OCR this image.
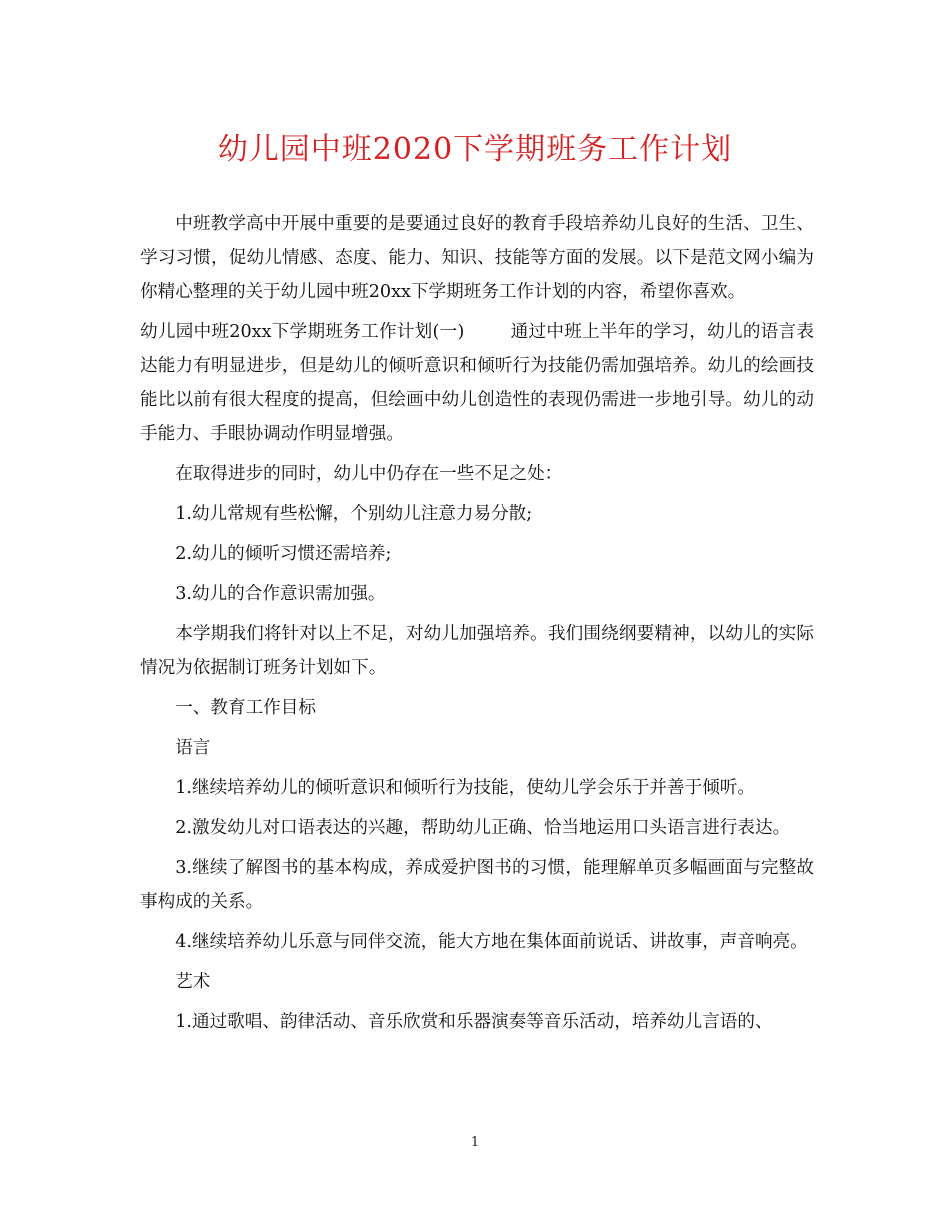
幼儿园中班2020下学期班务工作计划

中班教学高中开展中重要的是要通过良好的教育手段培养幼儿良好的生活、卫生、学习习惯，促幼儿情感、态度、能力、知识、技能等方面的发展。以下是范文网小编为你精心整理的关于幼儿园中班20xx下学期班务工作计划的内容，希望你喜欢。

幼儿园中班20xx下学期班务工作计划(一)	通过中班上半年的学习，幼儿的语言表达能力有明显进步，但是幼儿的倾听意识和倾听行为技能仍需加强培养。幼儿的绘画技能比以前有很大程度的提高，但绘画中幼儿创造性的表现仍需进一步地引导。幼儿的动手能力、手眼协调动作明显增强。

在取得进步的同时，幼儿中仍存在一些不足之处：

1.幼儿常规有些松懈，个别幼儿注意力易分散;

2.幼儿的倾听习惯还需培养;

3.幼儿的合作意识需加强。

本学期我们将针对以上不足，对幼儿加强培养。我们围绕纲要精神，以幼儿的实际情况为依据制订班务计划如下。

一、教育工作目标

语言

1.继续培养幼儿的倾听意识和倾听行为技能，使幼儿学会乐于并善于倾听。

2.激发幼儿对口语表达的兴趣，帮助幼儿正确、恰当地运用口头语言进行表达。

3.继续了解图书的基本构成，养成爱护图书的习惯，能理解单页多幅画面与完整故事构成的关系。

4.继续培养幼儿乐意与同伴交流，能大方地在集体面前说话、讲故事，声音响亮。

艺术

1.通过歌唱、韵律活动、音乐欣赏和乐器演奏等音乐活动，培养幼儿言语的、

1
